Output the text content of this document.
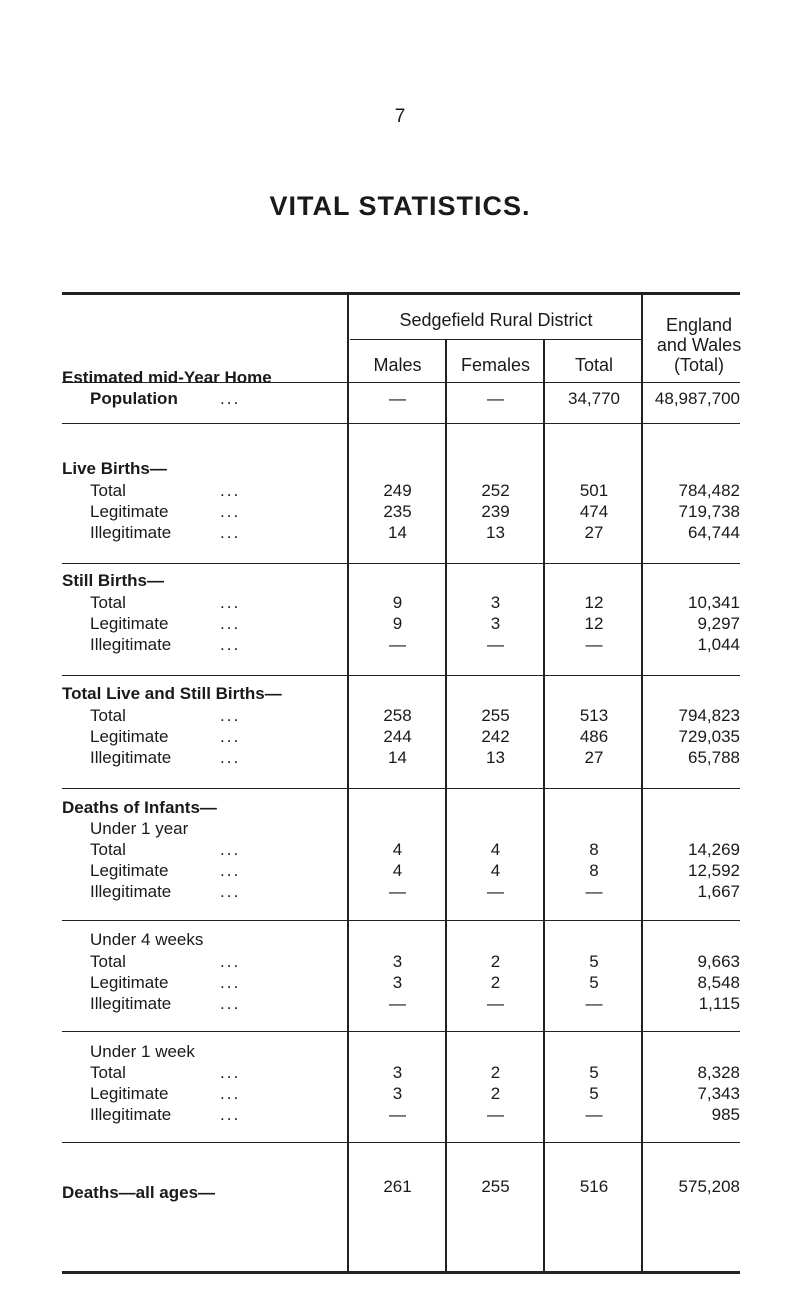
7
VITAL STATISTICS.
Sedgefield Rural District
Males	Females	Total
England
and Wales
(Total)
Estimated mid-Year Home
Population ...	—	—	34,770	48,987,700
Live Births—
Total	...	249	252	501	784,482
Legitimate	...	235	239	474	719,738
Illegitimate	...	14	13	27	64,744
Still Births—
Total	...	9	3	12	10,341
Legitimate	...	9	3	12	9,297
Illegitimate	...	—	—	—	1,044
Total Live and Still Births—
Total	...	258	255	513	794,823
Legitimate	...	244	242	486	729,035
Illegitimate	...	14	13	27	65,788
Deaths of Infants—
Under 1 year
Total	...	4	4	8	14,269
Legitimate	...	4	4	8	12,592
Illegitimate	...	—	—	—	1,667
Under 4 weeks
Total	...	3	2	5	9,663
Legitimate	...	3	2	5	8,548
Illegitimate	...	—	—	—	1,115
Under 1 week
Total	...	3	2	5	8,328
Legitimate	...	3	2	5	7,343
Illegitimate	...	—	—	—	985
Deaths—all ages—	261	255	516	575,208
